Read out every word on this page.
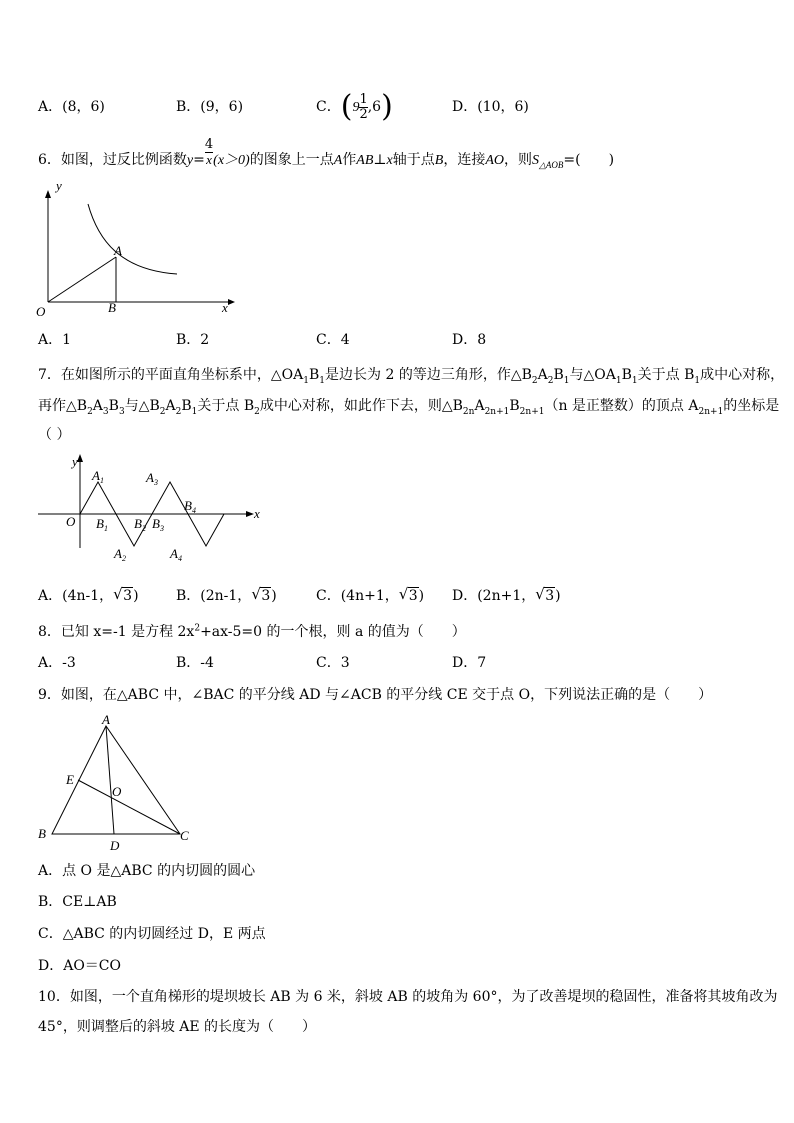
A．(8，6)	B．(9，6)	C．$(9 \frac{1}{2} ,6)$	D．(10，6)
6．如图，过反比例函数$y= \frac{4}{x} (x>0)$的图象上一点A作AB⊥x轴于点B，连接AO，则$S_{\triangle AOB}=$(　　)
y
x
O
A
B
A．1	B．2	C．4	D．8
7．在如图所示的平面直角坐标系中，$\triangle OA_1B_1$是边长为 2 的等边三角形，作$\triangle B_2A_2B_1$与$\triangle OA_1B_1$关于点 $B_1$成中心对称，
再作$\triangle B_2A_3B_3$与$\triangle B_2A_2B_1$关于点 $B_2$成中心对称，如此作下去，则$\triangle B_{2n}A_{2n+1}B_{2n+1}(n$ 是正整数）的顶点 $A_{2n+1}$的坐标是
（ ）
y
x
O
$A_1$
$A_2$
$A_3$
$A_4$
$B_1$ $B_2$ $B_3$
$B_4$
A．(4n-1， √ 3)	B．(2n-1， √ 3)	C．(4n+1， √ 3) D．(2n+1， √ 3)
8．已知 x=-1 是方程 $2x^2+ax-5=0$ 的一个根，则 a 的值为（　　）
A．-3	B．-4	C．3	D．7
9．如图，在△ABC 中，∠BAC 的平分线 AD 与∠ACB 的平分线 CE 交于点 O，下列说法正确的是（　　）
A
B	C
D
E
O
A．点 O 是△ABC 的内切圆的圆心
B．CE⊥AB
C．△ABC 的内切圆经过 D，E 两点
D．AO＝CO
10．如图，一个直角梯形的堤坝坡长 AB 为 6 米，斜坡 AB 的坡角为 60°，为了改善堤坝的稳固性，准备将其坡角改为
45°，则调整后的斜坡 AE 的长度为（　　）
